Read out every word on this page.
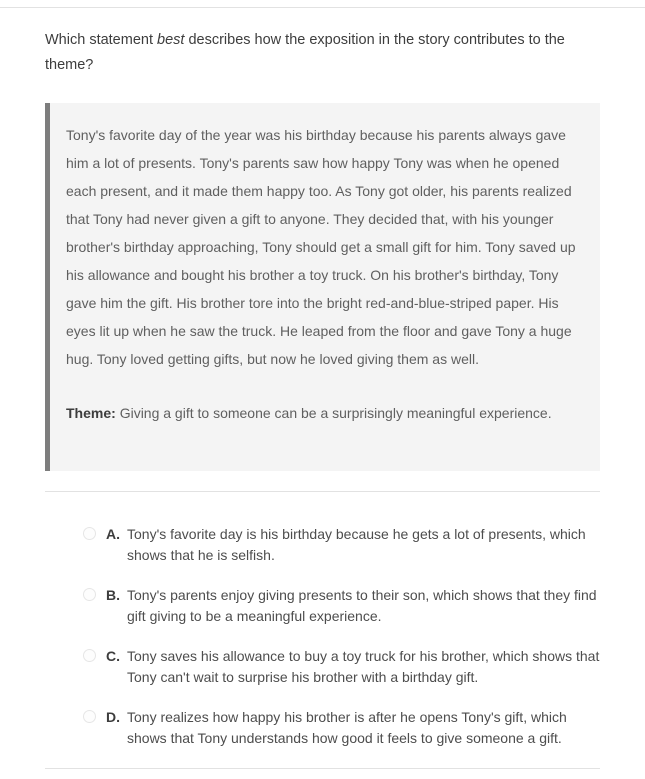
Which statement best describes how the exposition in the story contributes to the theme?

Tony's favorite day of the year was his birthday because his parents always gave him a lot of presents. Tony's parents saw how happy Tony was when he opened each present, and it made them happy too. As Tony got older, his parents realized that Tony had never given a gift to anyone. They decided that, with his younger brother's birthday approaching, Tony should get a small gift for him. Tony saved up his allowance and bought his brother a toy truck. On his brother's birthday, Tony gave him the gift. His brother tore into the bright red-and-blue-striped paper. His eyes lit up when he saw the truck. He leaped from the floor and gave Tony a huge hug. Tony loved getting gifts, but now he loved giving them as well.

Theme: Giving a gift to someone can be a surprisingly meaningful experience.

A. Tony's favorite day is his birthday because he gets a lot of presents, which shows that he is selfish.
B. Tony's parents enjoy giving presents to their son, which shows that they find gift giving to be a meaningful experience.
C. Tony saves his allowance to buy a toy truck for his brother, which shows that Tony can't wait to surprise his brother with a birthday gift.
D. Tony realizes how happy his brother is after he opens Tony's gift, which shows that Tony understands how good it feels to give someone a gift.
